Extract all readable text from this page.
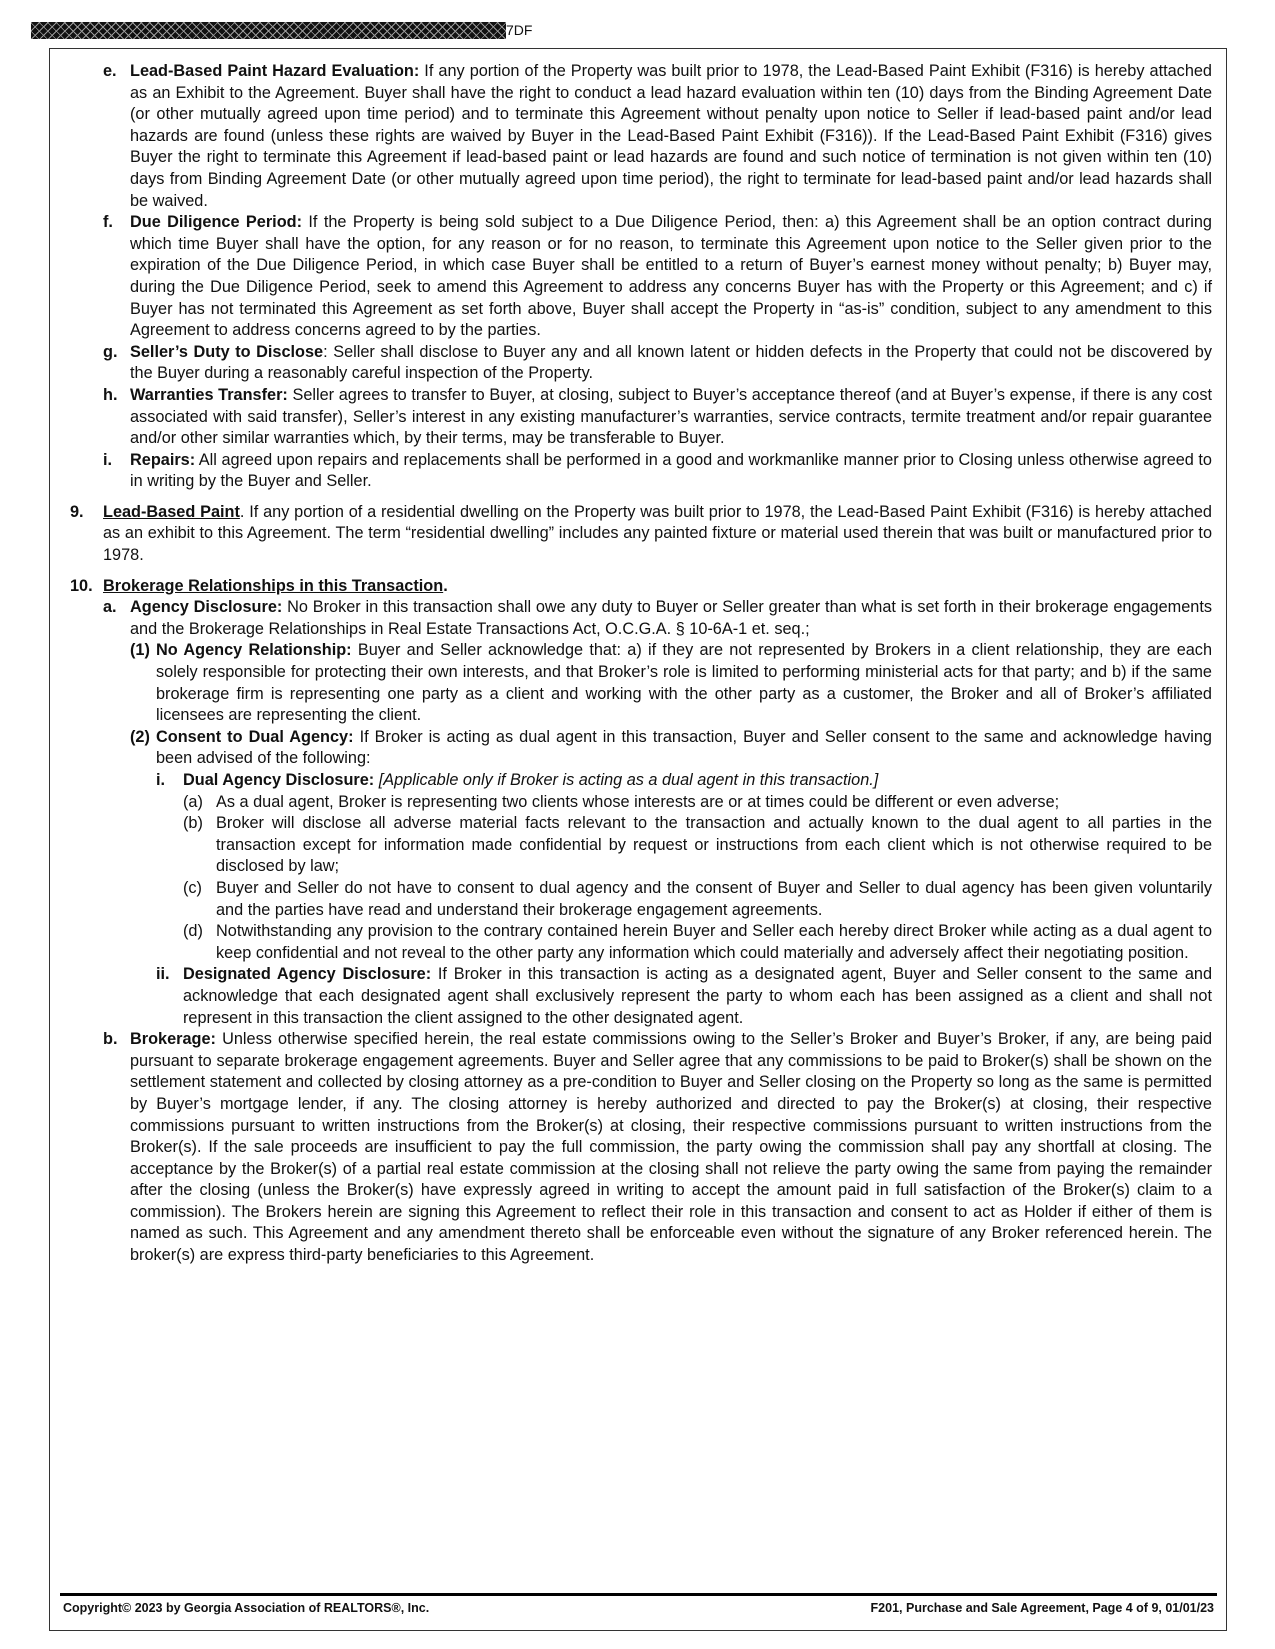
7DF

e. Lead-Based Paint Hazard Evaluation: If any portion of the Property was built prior to 1978, the Lead-Based Paint Exhibit (F316) is hereby attached as an Exhibit to the Agreement. Buyer shall have the right to conduct a lead hazard evaluation within ten (10) days from the Binding Agreement Date (or other mutually agreed upon time period) and to terminate this Agreement without penalty upon notice to Seller if lead-based paint and/or lead hazards are found (unless these rights are waived by Buyer in the Lead-Based Paint Exhibit (F316)). If the Lead-Based Paint Exhibit (F316) gives Buyer the right to terminate this Agreement if lead-based paint or lead hazards are found and such notice of termination is not given within ten (10) days from Binding Agreement Date (or other mutually agreed upon time period), the right to terminate for lead-based paint and/or lead hazards shall be waived.

f. Due Diligence Period: If the Property is being sold subject to a Due Diligence Period, then: a) this Agreement shall be an option contract during which time Buyer shall have the option, for any reason or for no reason, to terminate this Agreement upon notice to the Seller given prior to the expiration of the Due Diligence Period, in which case Buyer shall be entitled to a return of Buyer’s earnest money without penalty; b) Buyer may, during the Due Diligence Period, seek to amend this Agreement to address any concerns Buyer has with the Property or this Agreement; and c) if Buyer has not terminated this Agreement as set forth above, Buyer shall accept the Property in “as-is” condition, subject to any amendment to this Agreement to address concerns agreed to by the parties.

g. Seller’s Duty to Disclose: Seller shall disclose to Buyer any and all known latent or hidden defects in the Property that could not be discovered by the Buyer during a reasonably careful inspection of the Property.

h. Warranties Transfer: Seller agrees to transfer to Buyer, at closing, subject to Buyer’s acceptance thereof (and at Buyer’s expense, if there is any cost associated with said transfer), Seller’s interest in any existing manufacturer’s warranties, service contracts, termite treatment and/or repair guarantee and/or other similar warranties which, by their terms, may be transferable to Buyer.

i. Repairs: All agreed upon repairs and replacements shall be performed in a good and workmanlike manner prior to Closing unless otherwise agreed to in writing by the Buyer and Seller.

9. Lead-Based Paint. If any portion of a residential dwelling on the Property was built prior to 1978, the Lead-Based Paint Exhibit (F316) is hereby attached as an exhibit to this Agreement. The term “residential dwelling” includes any painted fixture or material used therein that was built or manufactured prior to 1978.

10. Brokerage Relationships in this Transaction.

a. Agency Disclosure: No Broker in this transaction shall owe any duty to Buyer or Seller greater than what is set forth in their brokerage engagements and the Brokerage Relationships in Real Estate Transactions Act, O.C.G.A. § 10-6A-1 et. seq.;

(1) No Agency Relationship: Buyer and Seller acknowledge that: a) if they are not represented by Brokers in a client relationship, they are each solely responsible for protecting their own interests, and that Broker’s role is limited to performing ministerial acts for that party; and b) if the same brokerage firm is representing one party as a client and working with the other party as a customer, the Broker and all of Broker’s affiliated licensees are representing the client.

(2) Consent to Dual Agency: If Broker is acting as dual agent in this transaction, Buyer and Seller consent to the same and acknowledge having been advised of the following:

i. Dual Agency Disclosure: [Applicable only if Broker is acting as a dual agent in this transaction.]

(a) As a dual agent, Broker is representing two clients whose interests are or at times could be different or even adverse;

(b) Broker will disclose all adverse material facts relevant to the transaction and actually known to the dual agent to all parties in the transaction except for information made confidential by request or instructions from each client which is not otherwise required to be disclosed by law;

(c) Buyer and Seller do not have to consent to dual agency and the consent of Buyer and Seller to dual agency has been given voluntarily and the parties have read and understand their brokerage engagement agreements.

(d) Notwithstanding any provision to the contrary contained herein Buyer and Seller each hereby direct Broker while acting as a dual agent to keep confidential and not reveal to the other party any information which could materially and adversely affect their negotiating position.

ii. Designated Agency Disclosure: If Broker in this transaction is acting as a designated agent, Buyer and Seller consent to the same and acknowledge that each designated agent shall exclusively represent the party to whom each has been assigned as a client and shall not represent in this transaction the client assigned to the other designated agent.

b. Brokerage: Unless otherwise specified herein, the real estate commissions owing to the Seller’s Broker and Buyer’s Broker, if any, are being paid pursuant to separate brokerage engagement agreements. Buyer and Seller agree that any commissions to be paid to Broker(s) shall be shown on the settlement statement and collected by closing attorney as a pre-condition to Buyer and Seller closing on the Property so long as the same is permitted by Buyer’s mortgage lender, if any. The closing attorney is hereby authorized and directed to pay the Broker(s) at closing, their respective commissions pursuant to written instructions from the Broker(s) at closing, their respective commissions pursuant to written instructions from the Broker(s). If the sale proceeds are insufficient to pay the full commission, the party owing the commission shall pay any shortfall at closing. The acceptance by the Broker(s) of a partial real estate commission at the closing shall not relieve the party owing the same from paying the remainder after the closing (unless the Broker(s) have expressly agreed in writing to accept the amount paid in full satisfaction of the Broker(s) claim to a commission). The Brokers herein are signing this Agreement to reflect their role in this transaction and consent to act as Holder if either of them is named as such. This Agreement and any amendment thereto shall be enforceable even without the signature of any Broker referenced herein. The broker(s) are express third-party beneficiaries to this Agreement.

Copyright© 2023 by Georgia Association of REALTORS®, Inc.	F201, Purchase and Sale Agreement, Page 4 of 9, 01/01/23
